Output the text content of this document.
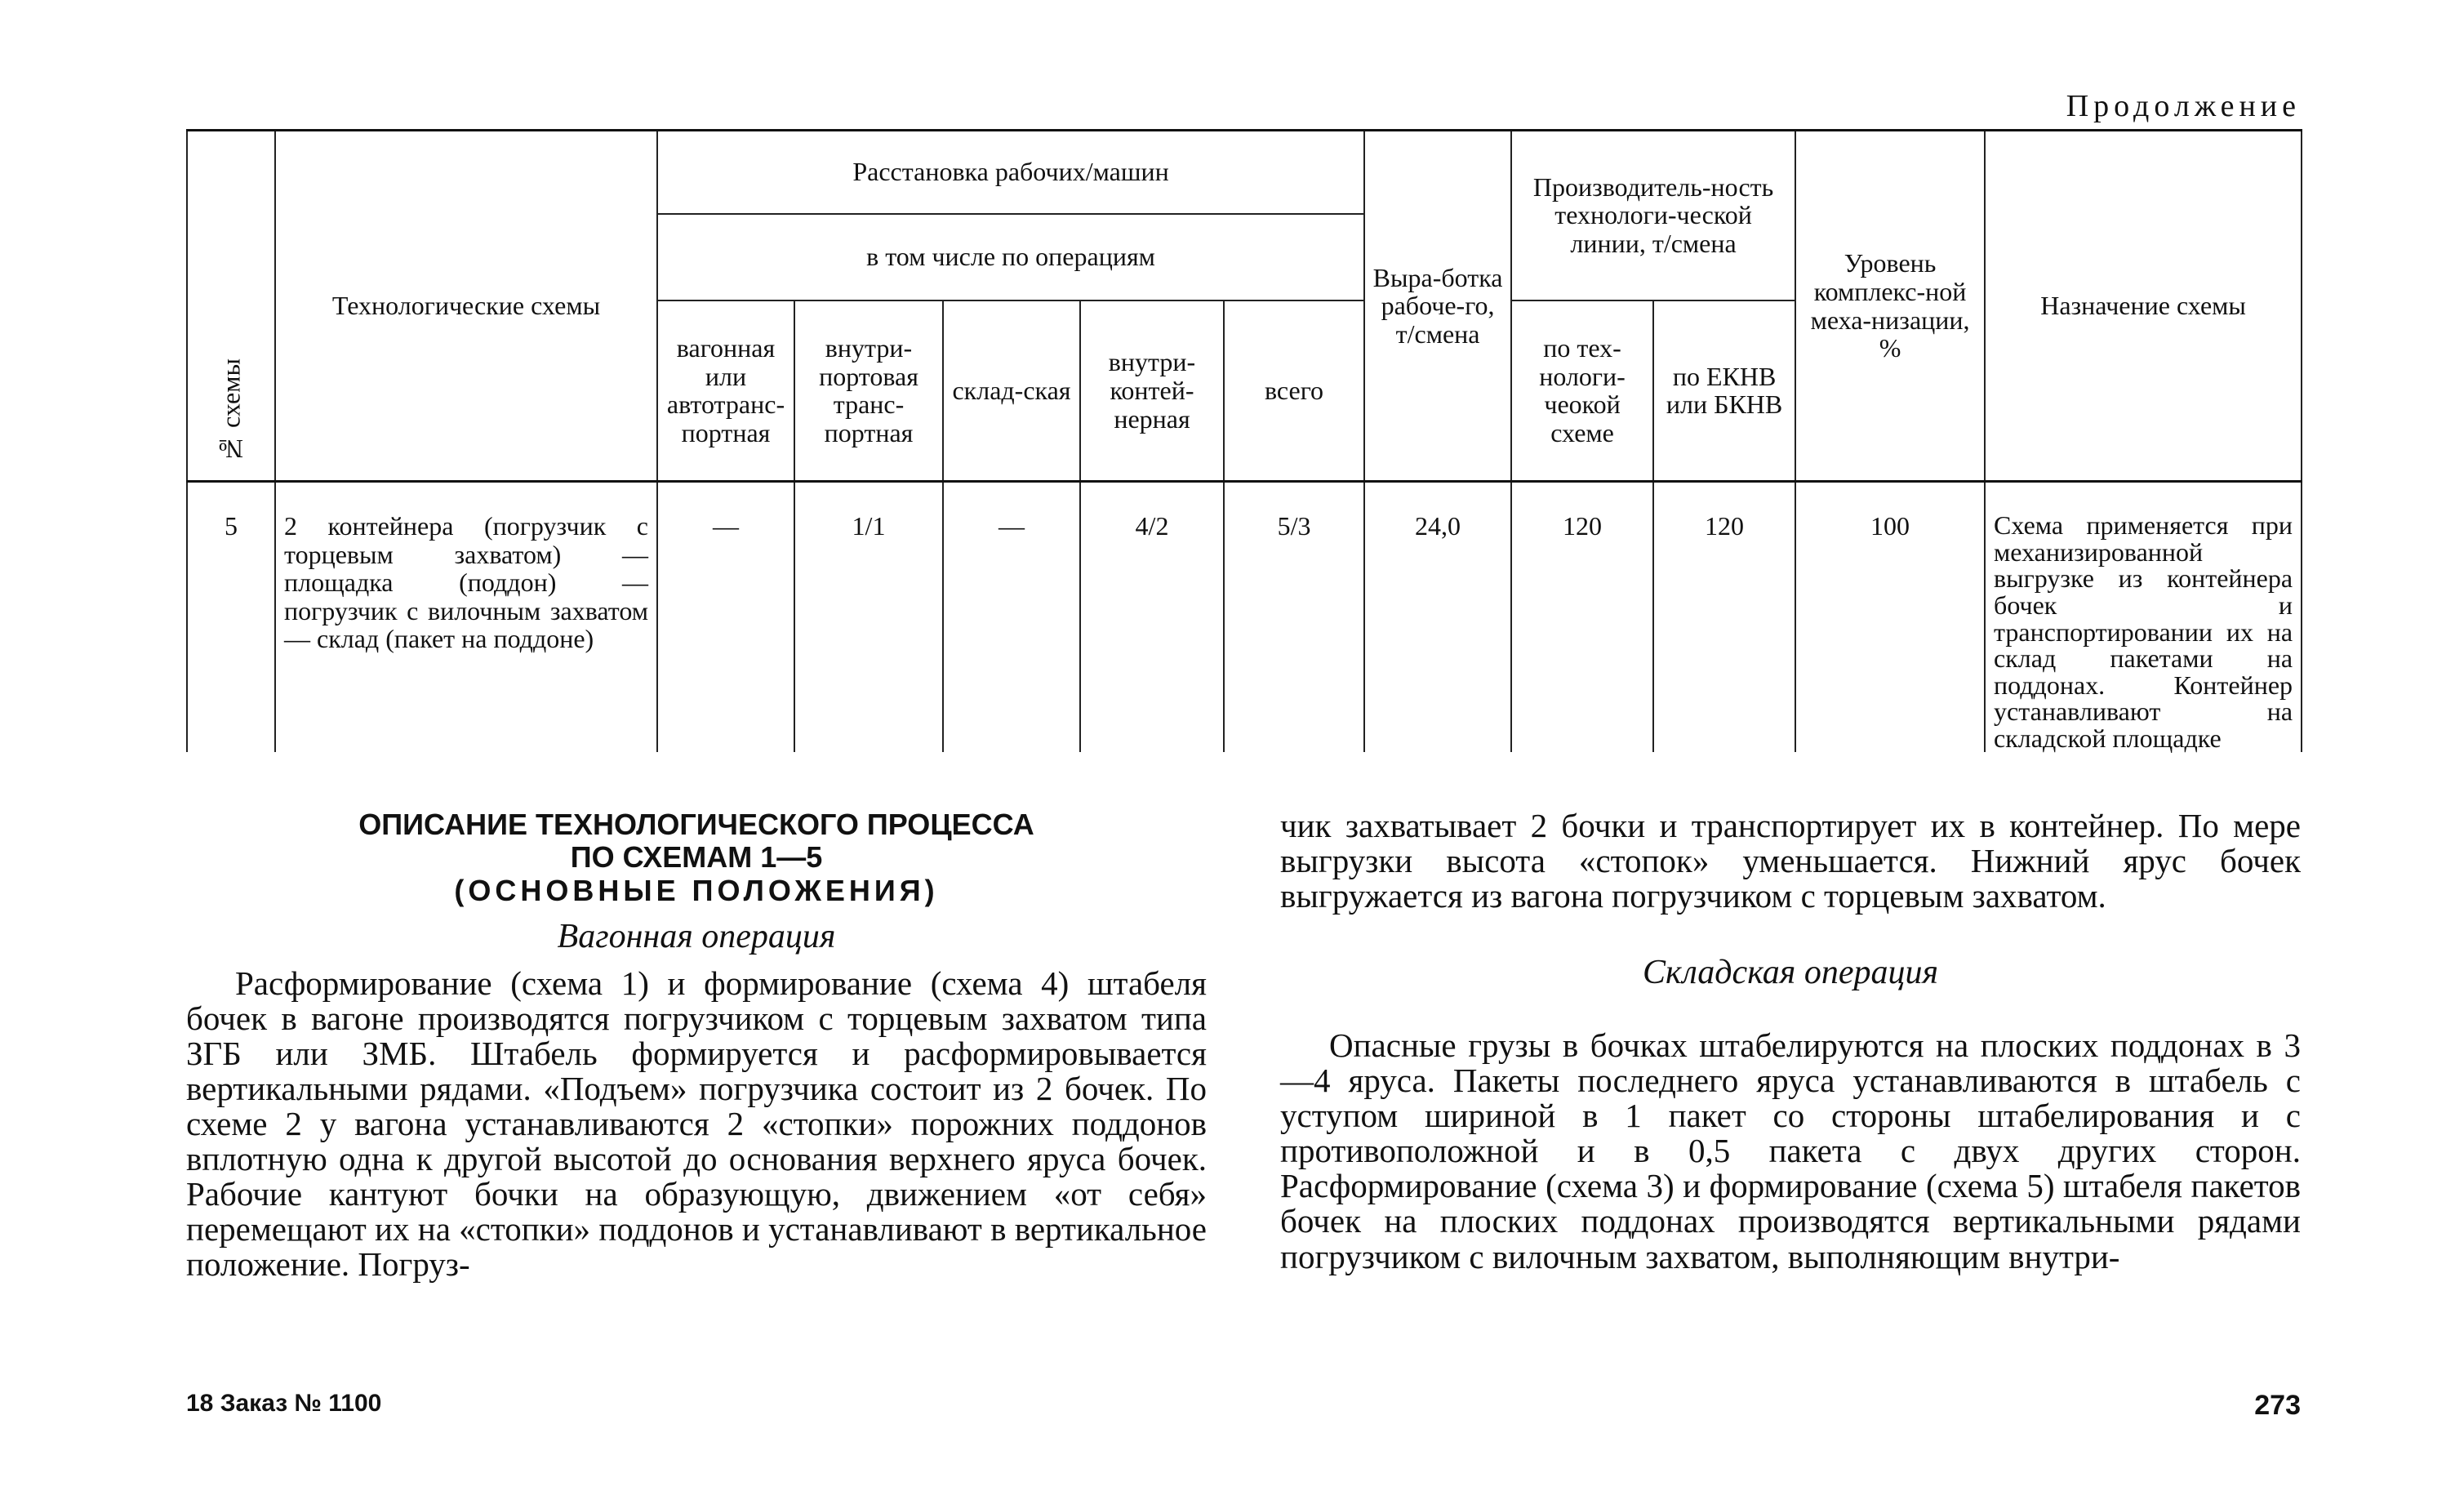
Продолжение
№ схемы	Технологические схемы	Расстановка рабочих/машин					Выра-ботка рабоче-го, т/смена	Производитель-ность технологи-ческой линии, т/смена		Уровень комплекс-ной меха-низации, %	Назначение схемы
		в том числе по операциям									
		вагонная или автотранс-портная	внутри-портовая транс-портная	склад-ская	внутри-контей-нерная	всего		по тех-нологи-чеокой схеме	по ЕКНВ или БКНВ		
5	2 контейнера (погрузчик с торцевым захватом) — площадка (поддон) — погрузчик с вилочным захватом — склад (пакет на поддоне)	—	1/1	—	4/2	5/3	24,0	120	120	100	Схема применяется при механизированной выгрузке из контейнера бочек и транспортировании их на склад пакетами на поддонах. Контейнер устанавливают на складской площадке
ОПИСАНИЕ ТЕХНОЛОГИЧЕСКОГО ПРОЦЕССА
ПО СХЕМАМ 1—5
(ОСНОВНЫЕ ПОЛОЖЕНИЯ)
Вагонная операция

Расформирование (схема 1) и формирование (схема 4) штабеля бочек в вагоне производятся погрузчиком с торцевым захватом типа ЗГБ или ЗМБ. Штабель формируется и расформировывается вертикальными рядами. «Подъем» погрузчика состоит из 2 бочек. По схеме 2 у вагона устанавливаются 2 «стопки» порожних поддонов вплотную одна к другой высотой до основания верхнего яруса бочек. Рабочие кантуют бочки на образующую, движением «от себя» перемещают их на «стопки» поддонов и устанавливают в вертикальное положение. Погруз-

чик захватывает 2 бочки и транспортирует их в контейнер. По мере выгрузки высота «стопок» уменьшается. Нижний ярус бочек выгружается из вагона погрузчиком с торцевым захватом.

Складская операция

Опасные грузы в бочках штабелируются на плоских поддонах в 3—4 яруса. Пакеты последнего яруса устанавливаются в штабель с уступом шириной в 1 пакет со стороны штабелирования и с противоположной и в 0,5 пакета с двух других сторон. Расформирование (схема 3) и формирование (схема 5) штабеля пакетов бочек на плоских поддонах производятся вертикальными рядами погрузчиком с вилочным захватом, выполняющим внутри-

18 Заказ № 1100	273
